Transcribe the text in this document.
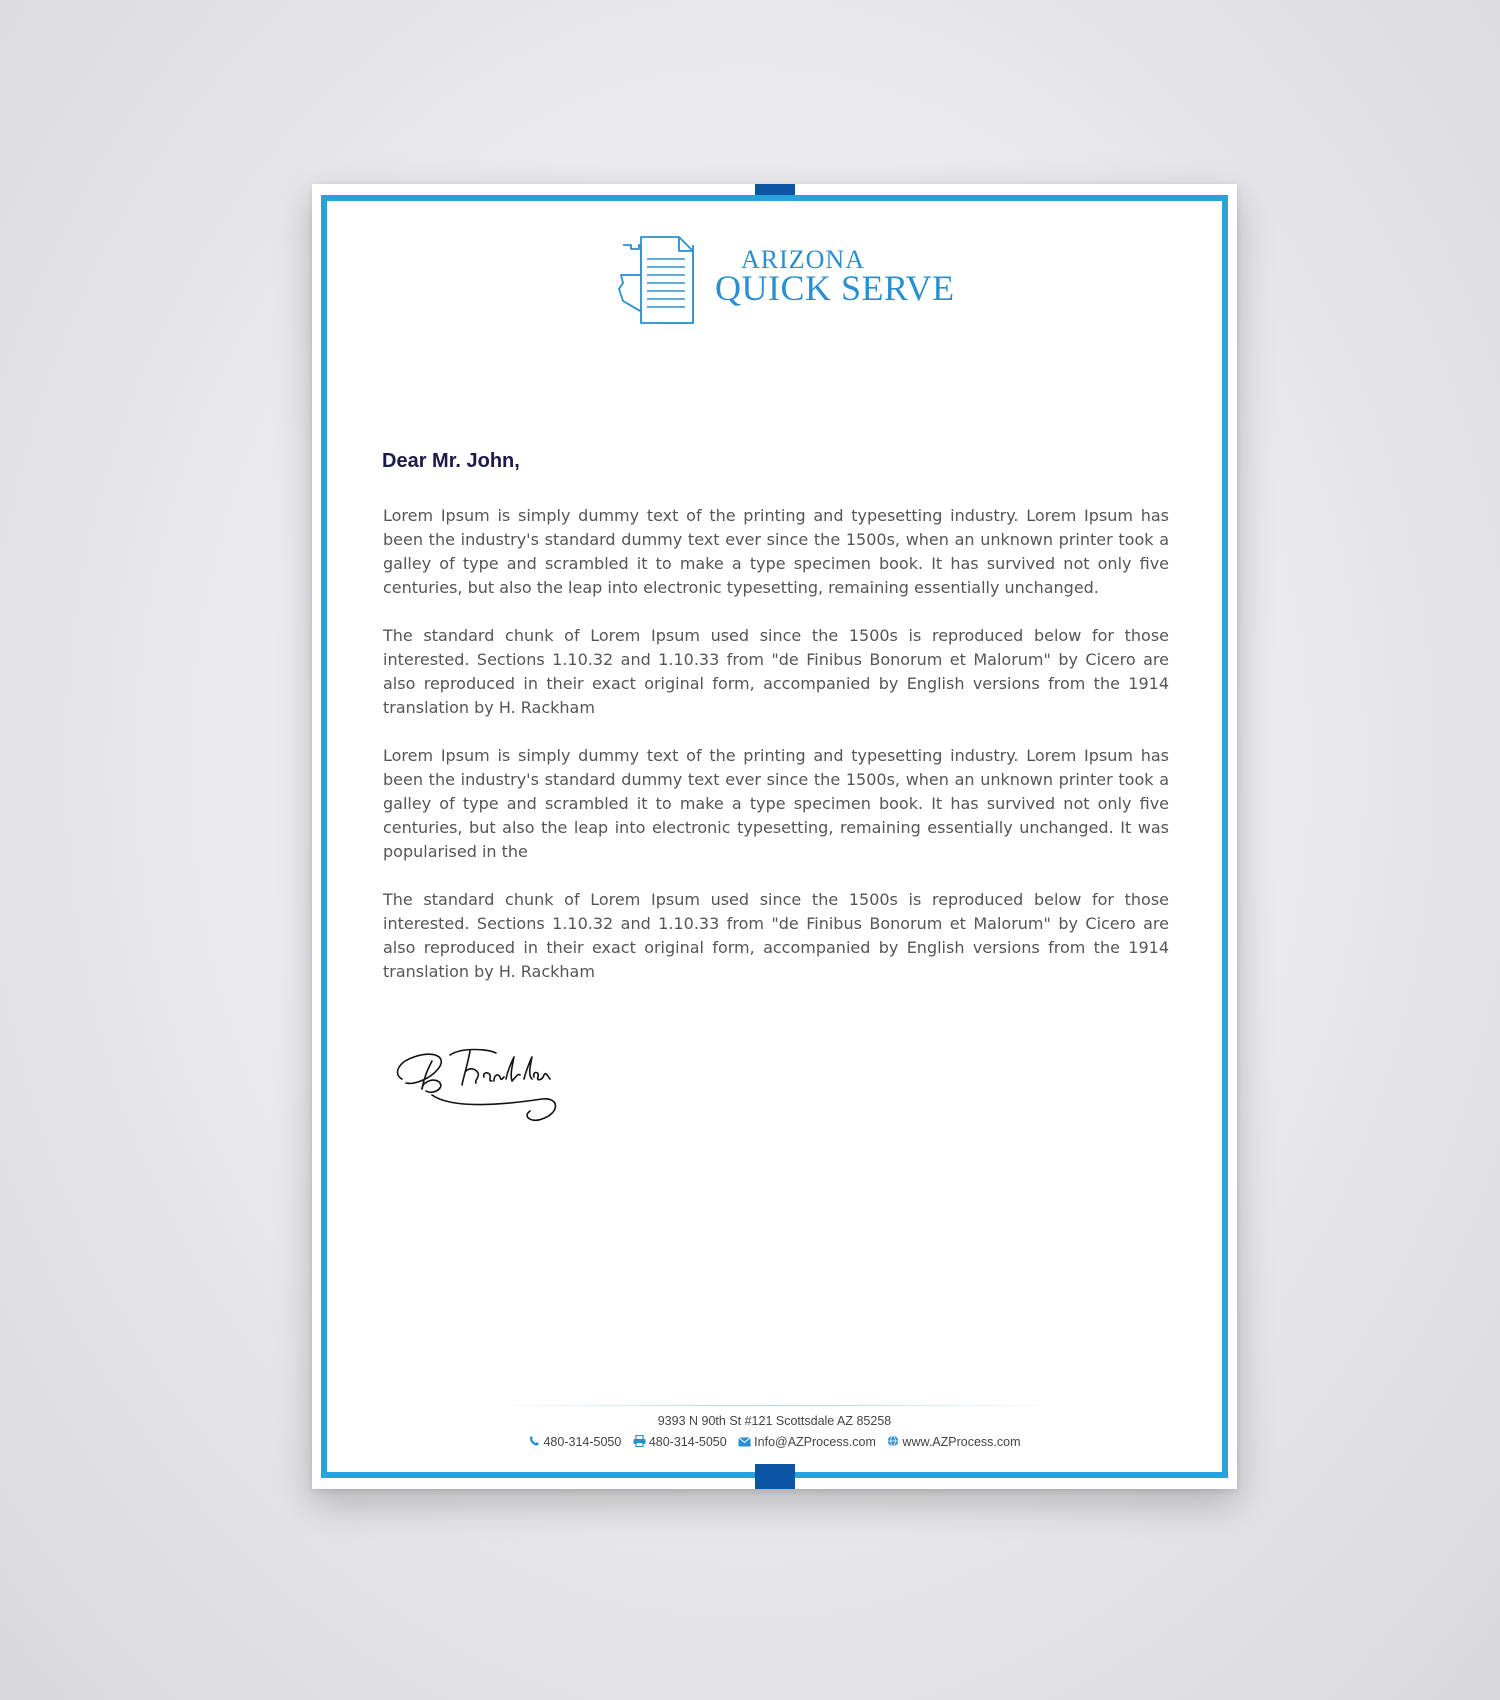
ARIZONA
QUICK SERVE
Dear Mr. John,

Lorem Ipsum is simply dummy text of the printing and typesetting industry. Lorem Ipsum has been the industry's standard dummy text ever since the 1500s, when an unknown printer took a galley of type and scrambled it to make a type specimen book. It has survived not only five centuries, but also the leap into electronic typesetting, remaining essentially unchanged.

The standard chunk of Lorem Ipsum used since the 1500s is reproduced below for those interested. Sections 1.10.32 and 1.10.33 from "de Finibus Bonorum et Malorum" by Cicero are also reproduced in their exact original form, accompanied by English versions from the 1914 translation by H. Rackham

Lorem Ipsum is simply dummy text of the printing and typesetting industry. Lorem Ipsum has been the industry's standard dummy text ever since the 1500s, when an unknown printer took a galley of type and scrambled it to make a type specimen book. It has survived not only five centuries, but also the leap into electronic typesetting, remaining essentially unchanged. It was popularised in the

The standard chunk of Lorem Ipsum used since the 1500s is reproduced below for those interested. Sections 1.10.32 and 1.10.33 from "de Finibus Bonorum et Malorum" by Cicero are also reproduced in their exact original form, accompanied by English versions from the 1914 translation by H. Rackham

9393 N 90th St #121 Scottsdale AZ 85258
480-314-5050 480-314-5050 Info@AZProcess.com www.AZProcess.com
